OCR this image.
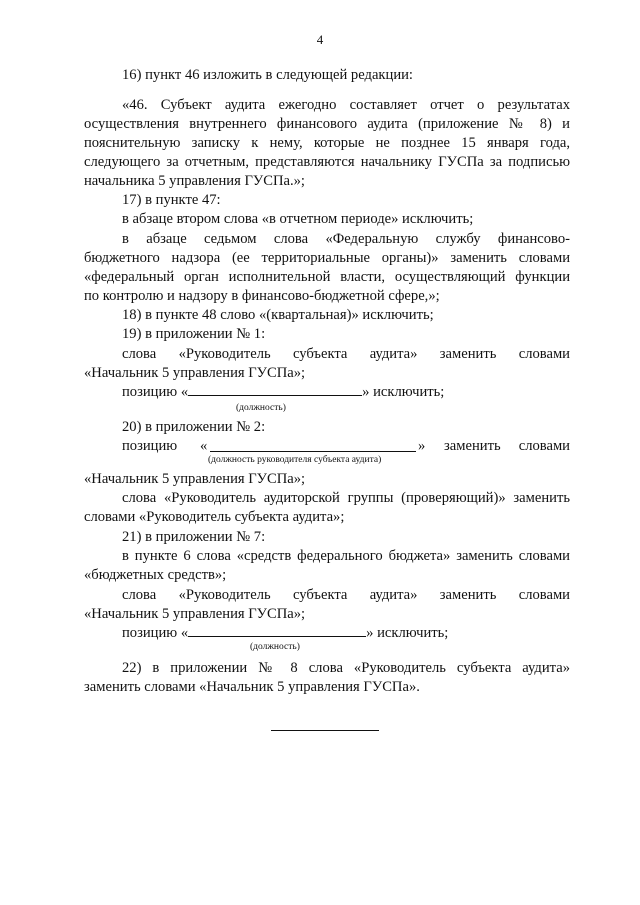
4
16) пункт 46 изложить в следующей редакции:
«46. Субъект аудита ежегодно составляет отчет о результатах
осуществления внутреннего финансового аудита (приложение № 8) и
пояснительную записку к нему, которые не позднее 15 января года,
следующего за отчетным, представляются начальнику ГУСПа за подписью
начальника 5 управления ГУСПа.»;
17) в пункте 47:
в абзаце втором слова «в отчетном периоде» исключить;
в абзаце седьмом слова «Федеральную службу финансово-
бюджетного надзора (ее территориальные органы)» заменить словами
«федеральный орган исполнительной власти, осуществляющий функции
по контролю и надзору в финансово-бюджетной сфере,»;
18) в пункте 48 слово «(квартальная)» исключить;
19) в приложении № 1:
слова «Руководитель субъекта аудита» заменить словами
«Начальник 5 управления ГУСПа»;
позицию «	» исключить;
(должность)
20) в приложении № 2:
позицию «	» заменить словами
(должность руководителя субъекта аудита)
«Начальник 5 управления ГУСПа»;
слова «Руководитель аудиторской группы (проверяющий)» заменить
словами «Руководитель субъекта аудита»;
21) в приложении № 7:
в пункте 6 слова «средств федерального бюджета» заменить словами
«бюджетных средств»;
слова «Руководитель субъекта аудита» заменить словами
«Начальник 5 управления ГУСПа»;
позицию «	» исключить;
(должность)
22) в приложении № 8 слова «Руководитель субъекта аудита»
заменить словами «Начальник 5 управления ГУСПа».
